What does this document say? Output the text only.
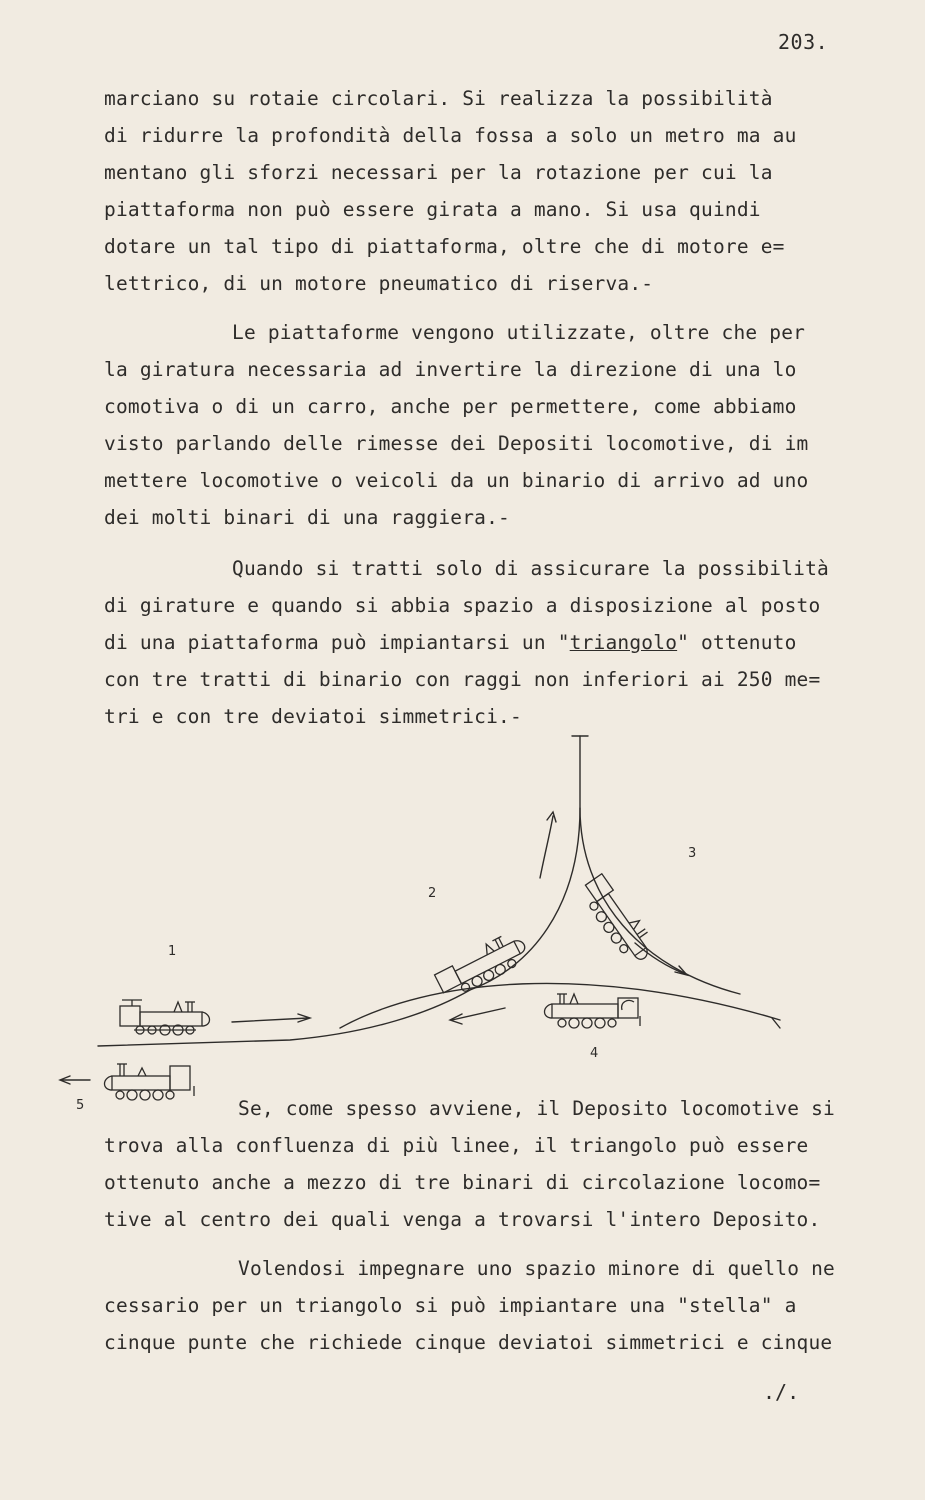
203.
marciano su rotaie circolari. Si realizza la possibilità
di ridurre la profondità della fossa a solo un metro ma au
mentano gli sforzi necessari per la rotazione per cui la
piattaforma non può essere girata a mano. Si usa quindi
dotare un tal tipo di piattaforma, oltre che di motore e=
lettrico, di un motore pneumatico di riserva.-
Le piattaforme vengono utilizzate, oltre che per
la giratura necessaria ad invertire la direzione di una lo
comotiva o di un carro, anche per permettere, come abbiamo
visto parlando delle rimesse dei Depositi locomotive, di im
mettere locomotive o veicoli da un binario di arrivo ad uno
dei molti binari di una raggiera.-
Quando si tratti solo di assicurare la possibilità
di girature e quando si abbia spazio a disposizione al posto
di una piattaforma può impiantarsi un "triangolo" ottenuto
con tre tratti di binario con raggi non inferiori ai 250 me=
tri e con tre deviatoi simmetrici.-
1
2
3
4
5	Se, come spesso avviene, il Deposito locomotive si
trova alla confluenza di più linee, il triangolo può essere
ottenuto anche a mezzo di tre binari di circolazione locomo=
tive al centro dei quali venga a trovarsi l'intero Deposito.
Volendosi impegnare uno spazio minore di quello ne
cessario per un triangolo si può impiantare una "stella" a
cinque punte che richiede cinque deviatoi simmetrici e cinque
./.
